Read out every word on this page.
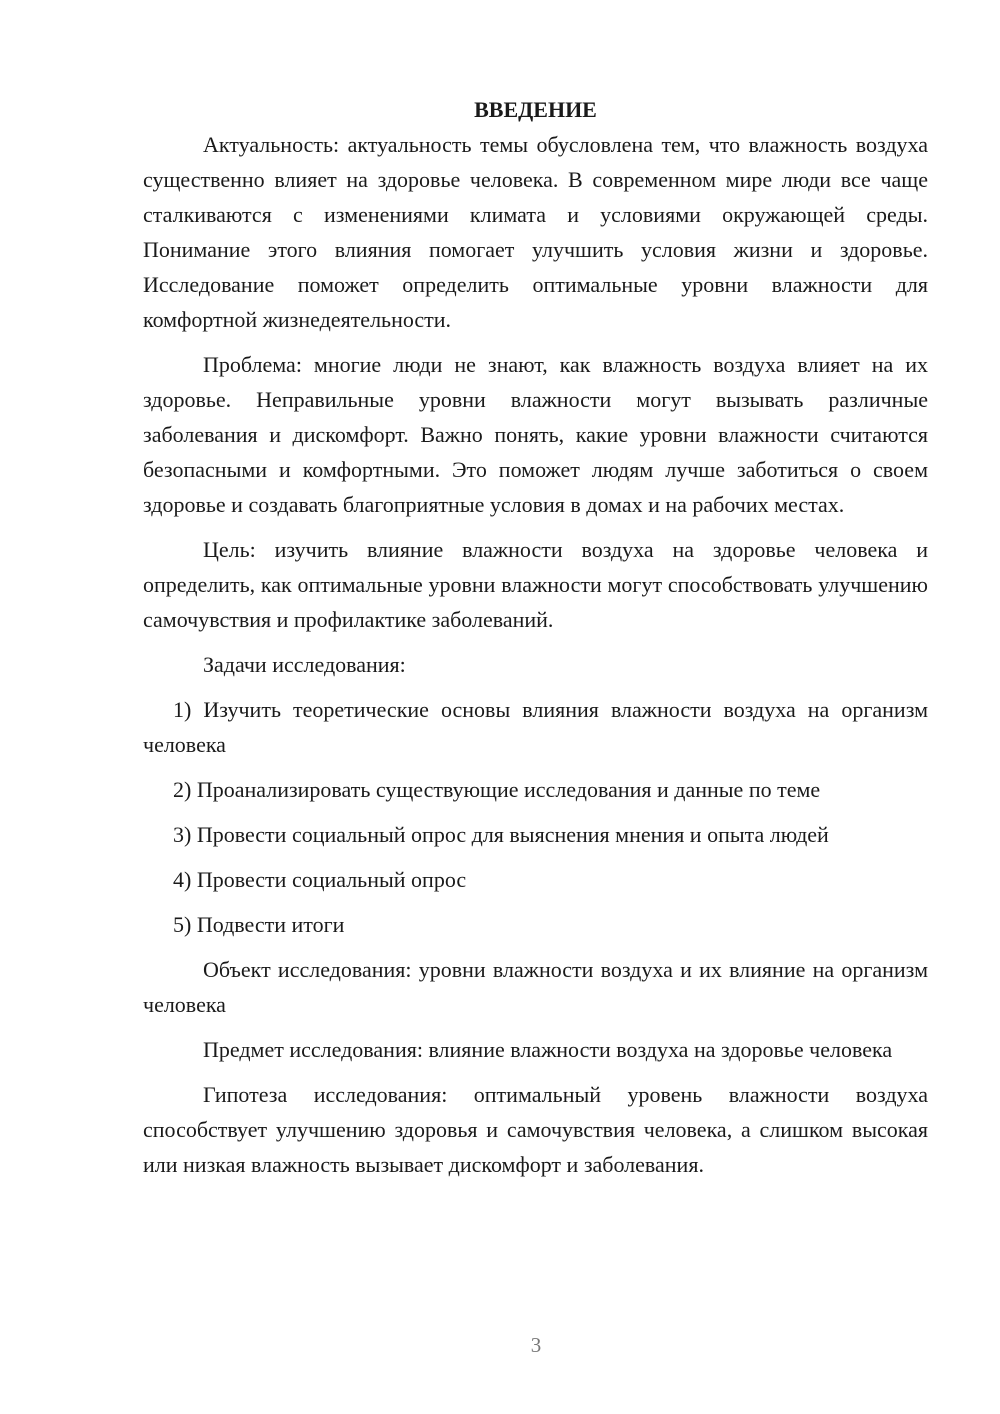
ВВЕДЕНИЕ

Актуальность: актуальность темы обусловлена тем, что влажность воздуха существенно влияет на здоровье человека. В современном мире люди все чаще сталкиваются с изменениями климата и условиями окружающей среды. Понимание этого влияния помогает улучшить условия жизни и здоровье. Исследование поможет определить оптимальные уровни влажности для комфортной жизнедеятельности.

Проблема: многие люди не знают, как влажность воздуха влияет на их здоровье. Неправильные уровни влажности могут вызывать различные заболевания и дискомфорт. Важно понять, какие уровни влажности считаются безопасными и комфортными. Это поможет людям лучше заботиться о своем здоровье и создавать благоприятные условия в домах и на рабочих местах.

Цель: изучить влияние влажности воздуха на здоровье человека и определить, как оптимальные уровни влажности могут способствовать улучшению самочувствия и профилактике заболеваний.

Задачи исследования:

1) Изучить теоретические основы влияния влажности воздуха на организм человека

2) Проанализировать существующие исследования и данные по теме

3) Провести социальный опрос для выяснения мнения и опыта людей

4) Провести социальный опрос

5) Подвести итоги

Объект исследования: уровни влажности воздуха и их влияние на организм человека

Предмет исследования: влияние влажности воздуха на здоровье человека

Гипотеза исследования: оптимальный уровень влажности воздуха способствует улучшению здоровья и самочувствия человека, а слишком высокая или низкая влажность вызывает дискомфорт и заболевания.

3
